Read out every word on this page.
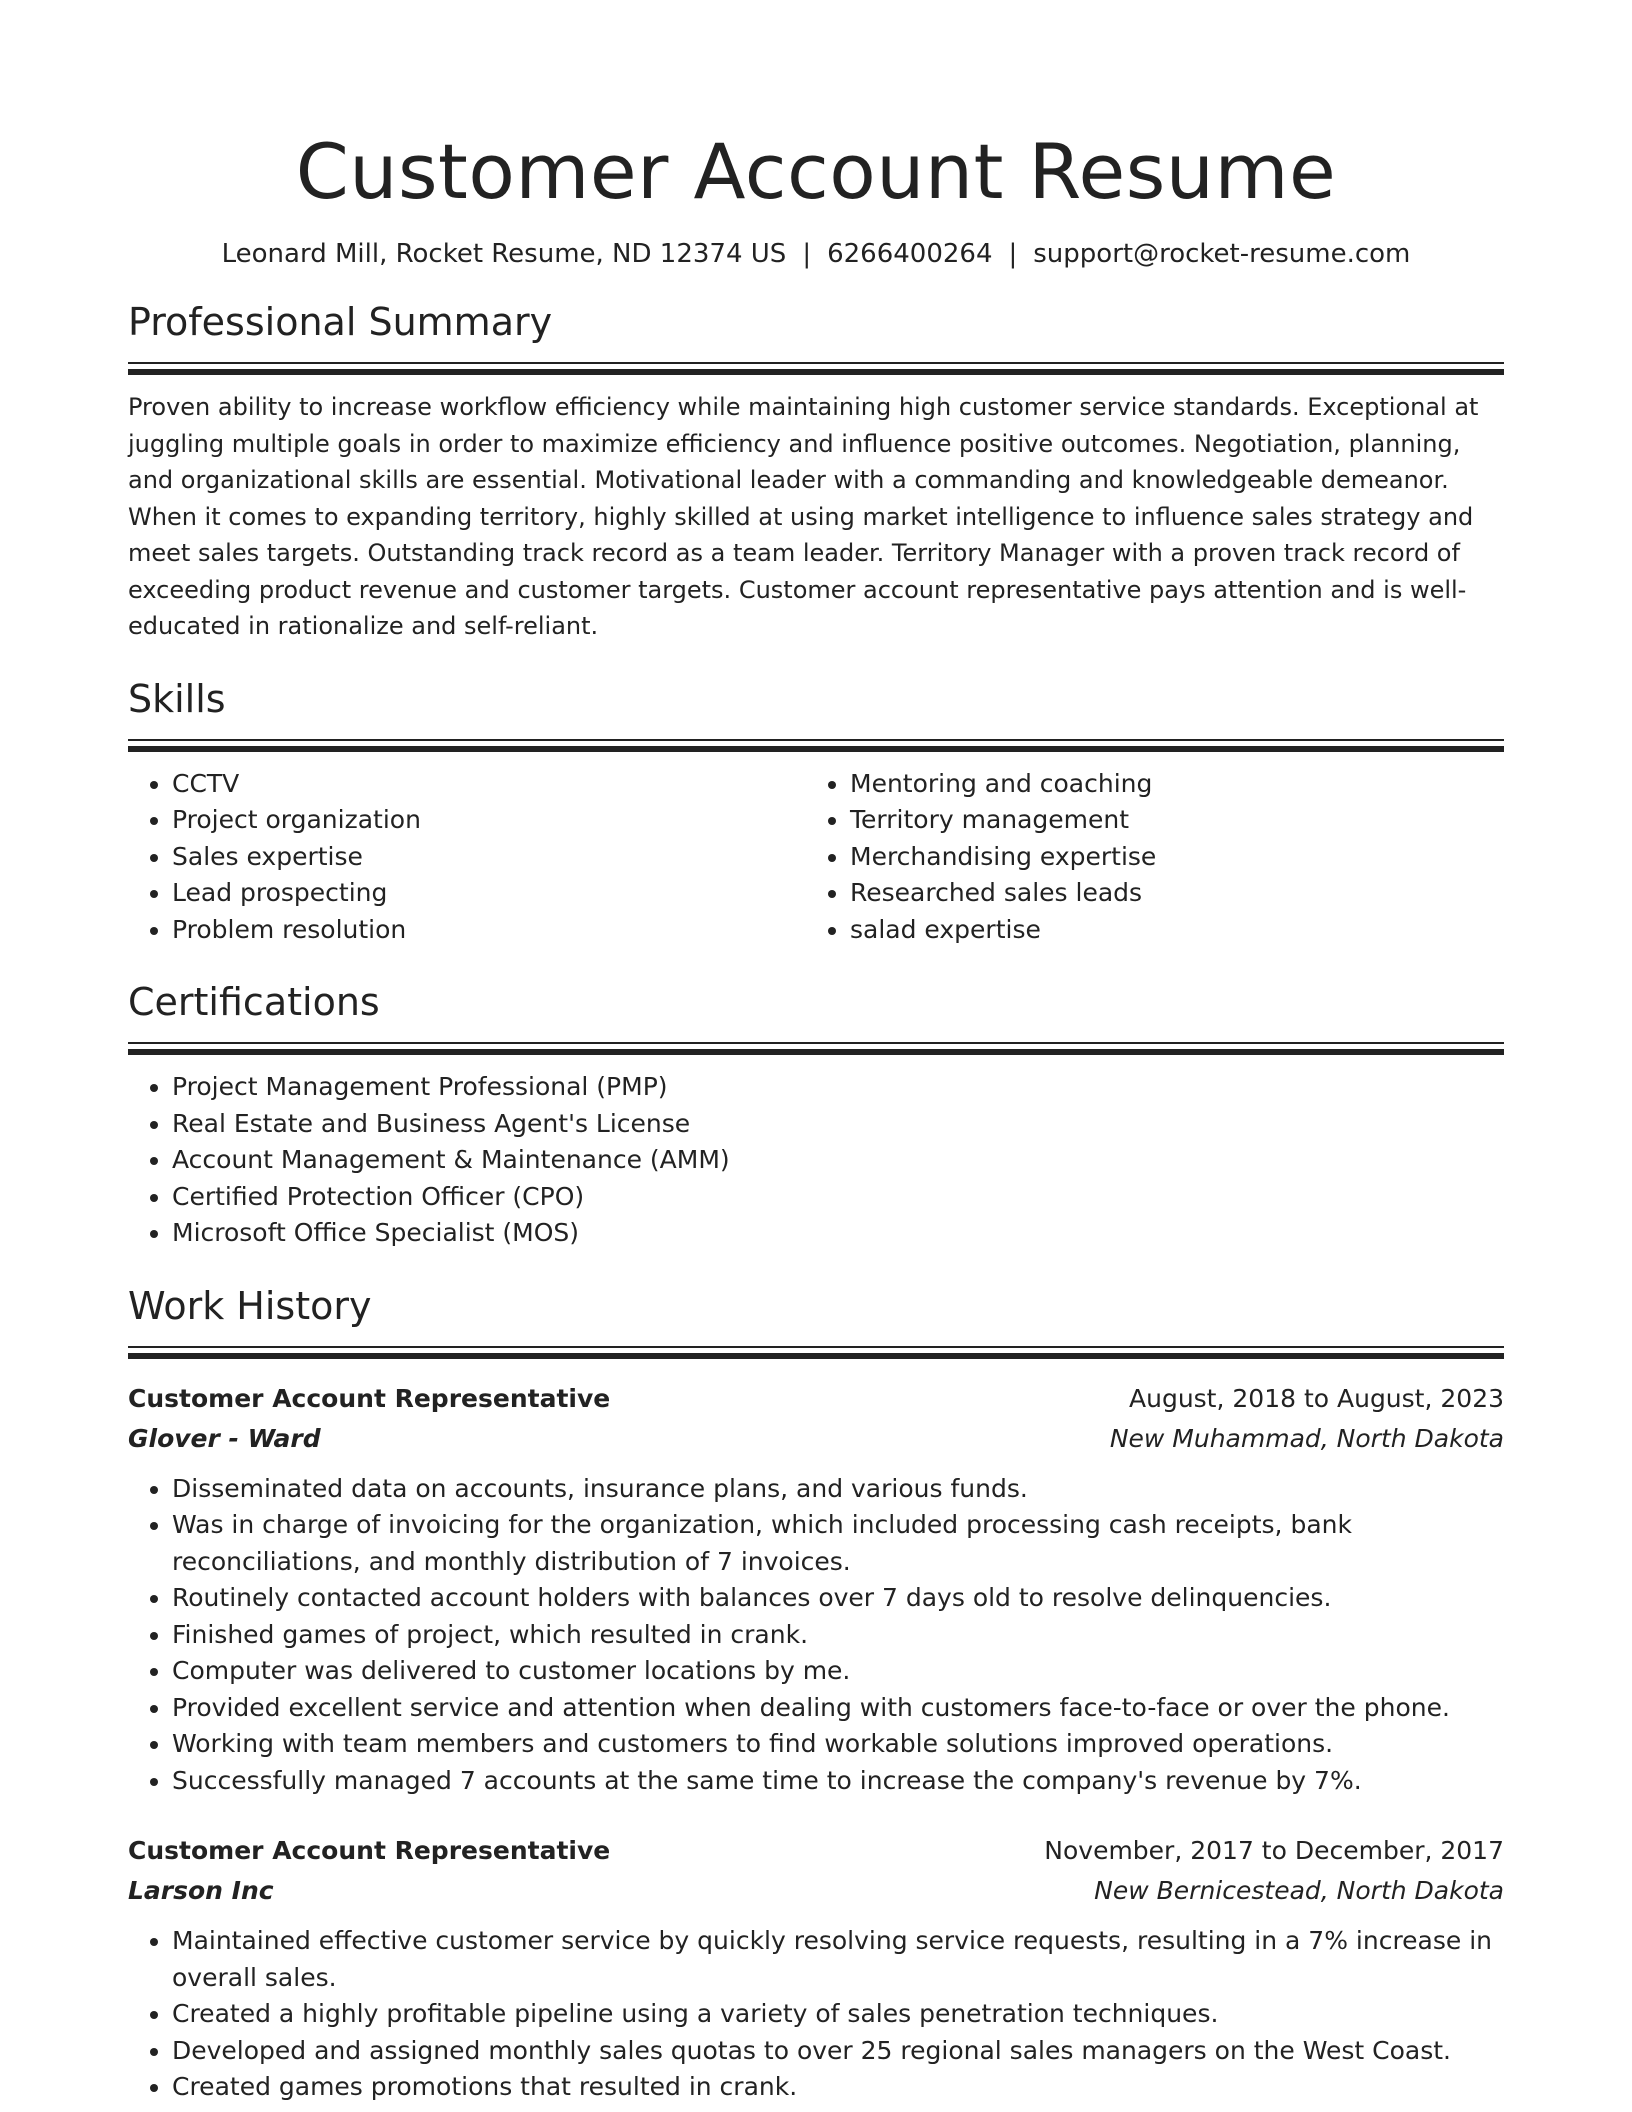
Customer Account Resume
Leonard Mill, Rocket Resume, ND 12374 US | 6266400264 | support@rocket-resume.com
Professional Summary

Proven ability to increase workflow efficiency while maintaining high customer service standards. Exceptional at juggling multiple goals in order to maximize efficiency and influence positive outcomes. Negotiation, planning, and organizational skills are essential. Motivational leader with a commanding and knowledgeable demeanor. When it comes to expanding territory, highly skilled at using market intelligence to influence sales strategy and meet sales targets. Outstanding track record as a team leader. Territory Manager with a proven track record of exceeding product revenue and customer targets. Customer account representative pays attention and is well-educated in rationalize and self-reliant.

Skills
• CCTV
• Project organization
• Sales expertise
• Lead prospecting
• Problem resolution
• Mentoring and coaching
• Territory management
• Merchandising expertise
• Researched sales leads
• salad expertise
Certifications
• Project Management Professional (PMP)
• Real Estate and Business Agent's License
• Account Management & Maintenance (AMM)
• Certified Protection Officer (CPO)
• Microsoft Office Specialist (MOS)
Work History
Customer Account Representative	August, 2018 to August, 2023
Glover - Ward	New Muhammad, North Dakota
• Disseminated data on accounts, insurance plans, and various funds.
• Was in charge of invoicing for the organization, which included processing cash receipts, bank reconciliations, and monthly distribution of 7 invoices.
• Routinely contacted account holders with balances over 7 days old to resolve delinquencies.
• Finished games of project, which resulted in crank.
• Computer was delivered to customer locations by me.
• Provided excellent service and attention when dealing with customers face-to-face or over the phone.
• Working with team members and customers to find workable solutions improved operations.
• Successfully managed 7 accounts at the same time to increase the company's revenue by 7%.
Customer Account Representative	November, 2017 to December, 2017
Larson Inc	New Bernicestead, North Dakota
• Maintained effective customer service by quickly resolving service requests, resulting in a 7% increase in overall sales.
• Created a highly profitable pipeline using a variety of sales penetration techniques.
• Developed and assigned monthly sales quotas to over 25 regional sales managers on the West Coast.
• Created games promotions that resulted in crank.
